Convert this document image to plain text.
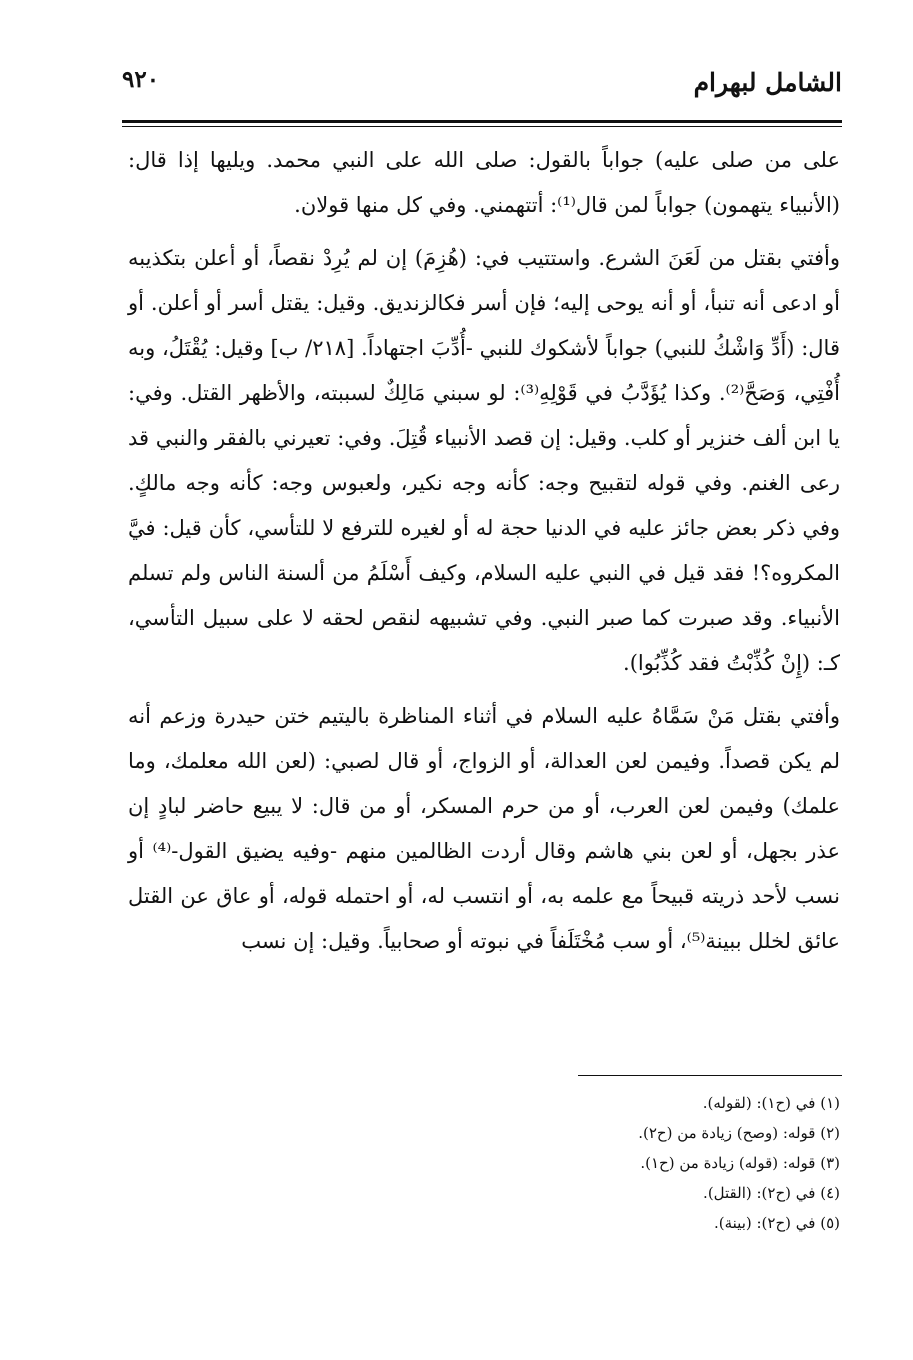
الشامل لبهرام
٩٢٠

على من صلى عليه) جواباً بالقول: صلى الله على النبي محمد. ويليها إذا قال: (الأنبياء يتهمون) جواباً لمن قال⁽¹⁾: أتتهمني. وفي كل منها قولان.

وأفتي بقتل من لَعَنَ الشرع. واستتيب في: (هُزِمَ) إن لم يُرِدْ نقصاً، أو أعلن بتكذيبه أو ادعى أنه تنبأ، أو أنه يوحى إليه؛ فإن أسر فكالزنديق. وقيل: يقتل أسر أو أعلن. أو قال: (أَدِّ وَاشْكُ للنبي) جواباً لأشكوك للنبي -أُدِّبَ اجتهاداً. [٢١٨/ ب] وقيل: يُقْتَلُ، وبه أُفْتِي، وَصَحَّ⁽²⁾. وكذا يُؤَدَّبُ في قَوْلِهِ⁽³⁾: لو سبني مَالِكٌ لسببته، والأظهر القتل. وفي: يا ابن ألف خنزير أو كلب. وقيل: إن قصد الأنبياء قُتِلَ. وفي: تعيرني بالفقر والنبي قد رعى الغنم. وفي قوله لتقبيح وجه: كأنه وجه نكير، ولعبوس وجه: كأنه وجه مالكٍ. وفي ذكر بعض جائز عليه في الدنيا حجة له أو لغيره للترفع لا للتأسي، كأن قيل: فيَّ المكروه؟! فقد قيل في النبي عليه السلام، وكيف أَسْلَمُ من ألسنة الناس ولم تسلم الأنبياء. وقد صبرت كما صبر النبي. وفي تشبيهه لنقص لحقه لا على سبيل التأسي، كـ: (إِنْ كُذِّبْتُ فقد كُذِّبُوا).

وأفتي بقتل مَنْ سَمَّاهُ عليه السلام في أثناء المناظرة باليتيم ختن حيدرة وزعم أنه لم يكن قصداً. وفيمن لعن العدالة، أو الزواج، أو قال لصبي: (لعن الله معلمك، وما علمك) وفيمن لعن العرب، أو من حرم المسكر، أو من قال: لا يبيع حاضر لبادٍ إن عذر بجهل، أو لعن بني هاشم وقال أردت الظالمين منهم -وفيه يضيق القول-⁽⁴⁾ أو نسب لأحد ذريته قبيحاً مع علمه به، أو انتسب له، أو احتمله قوله، أو عاق عن القتل عائق لخلل ببينة⁽⁵⁾، أو سب مُخْتَلَفاً في نبوته أو صحابياً. وقيل: إن نسب

(١) في (ح١): (لقوله).
(٢) قوله: (وصح) زيادة من (ح٢).
(٣) قوله: (قوله) زيادة من (ح١).
(٤) في (ح٢): (القتل).
(٥) في (ح٢): (بينة).
